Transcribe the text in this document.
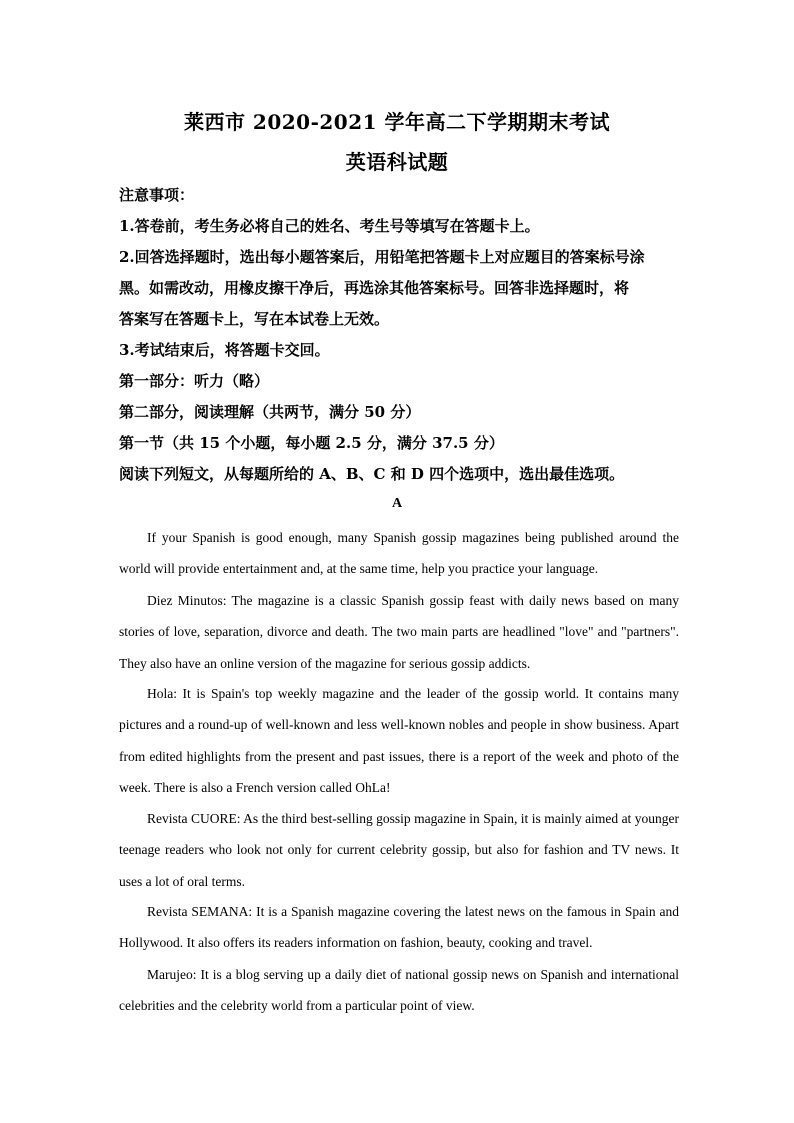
莱西市 2020-2021 学年高二下学期期末考试
英语科试题
注意事项：
1.答卷前，考生务必将自己的姓名、考生号等填写在答题卡上。
2.回答选择题时，选出每小题答案后，用铅笔把答题卡上对应题目的答案标号涂
黑。如需改动，用橡皮擦干净后，再选涂其他答案标号。回答非选择题时，将
答案写在答题卡上，写在本试卷上无效。
3.考试结束后，将答题卡交回。
第一部分：听力（略）
第二部分，阅读理解（共两节，满分 50 分）
第一节（共 15 个小题，每小题 2.5 分，满分 37.5 分）
阅读下列短文，从每题所给的 A、B、C 和 D 四个选项中，选出最佳选项。
A

If your Spanish is good enough, many Spanish gossip magazines being published around the world will provide entertainment and, at the same time, help you practice your language.

Diez Minutos: The magazine is a classic Spanish gossip feast with daily news based on many stories of love, separation, divorce and death. The two main parts are headlined "love" and "partners". They also have an online version of the magazine for serious gossip addicts.

Hola: It is Spain's top weekly magazine and the leader of the gossip world. It contains many pictures and a round-up of well-known and less well-known nobles and people in show business. Apart from edited highlights from the present and past issues, there is a report of the week and photo of the week. There is also a French version called OhLa!

Revista CUORE: As the third best-selling gossip magazine in Spain, it is mainly aimed at younger teenage readers who look not only for current celebrity gossip, but also for fashion and TV news. It uses a lot of oral terms.

Revista SEMANA: It is a Spanish magazine covering the latest news on the famous in Spain and Hollywood. It also offers its readers information on fashion, beauty, cooking and travel.

Marujeo: It is a blog serving up a daily diet of national gossip news on Spanish and international celebrities and the celebrity world from a particular point of view.
